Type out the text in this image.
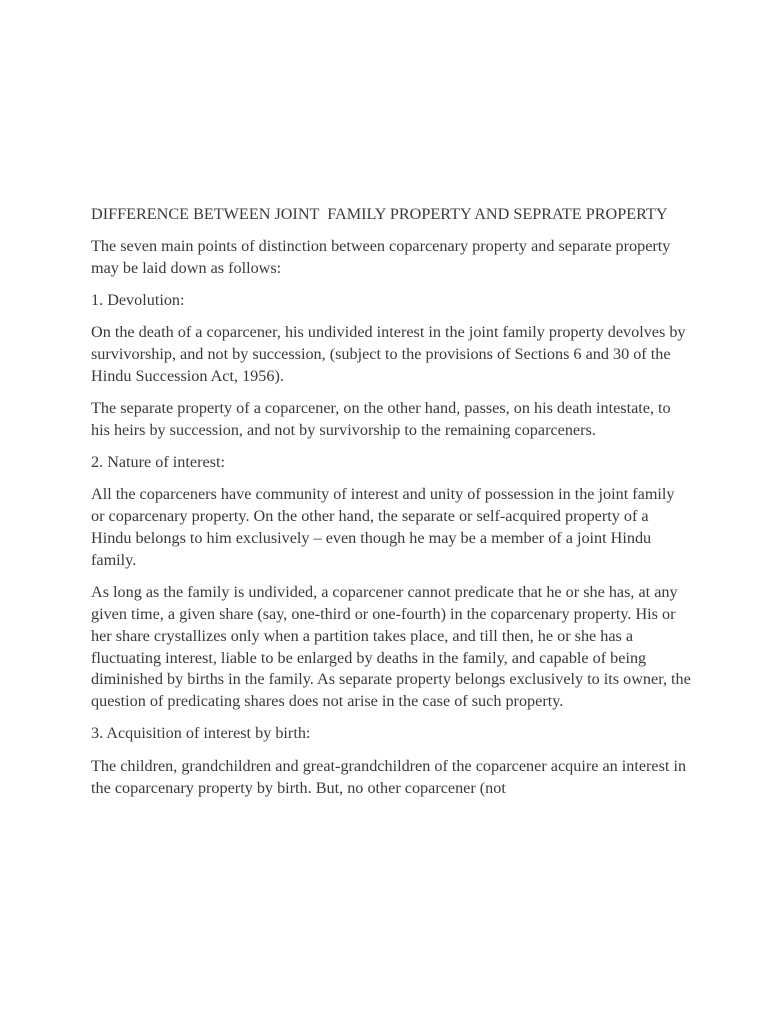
DIFFERENCE BETWEEN JOINT  FAMILY PROPERTY AND SEPRATE PROPERTY

The seven main points of distinction between coparcenary property and separate property may be laid down as follows:

1. Devolution:

On the death of a coparcener, his undivided interest in the joint family property devolves by survivorship, and not by succession, (subject to the provisions of Sections 6 and 30 of the Hindu Succession Act, 1956).

The separate property of a coparcener, on the other hand, passes, on his death intestate, to his heirs by succession, and not by survivorship to the remaining coparceners.

2. Nature of interest:

All the coparceners have community of interest and unity of possession in the joint family or coparcenary property. On the other hand, the separate or self-acquired property of a Hindu belongs to him exclusively – even though he may be a member of a joint Hindu family.

As long as the family is undivided, a coparcener cannot predicate that he or she has, at any given time, a given share (say, one-third or one-fourth) in the coparcenary property. His or her share crystallizes only when a partition takes place, and till then, he or she has a fluctuating interest, liable to be enlarged by deaths in the family, and capable of being diminished by births in the family. As separate property belongs exclusively to its owner, the question of predicating shares does not arise in the case of such property.

3. Acquisition of interest by birth:

The children, grandchildren and great-grandchildren of the coparcener acquire an interest in the coparcenary property by birth. But, no other coparcener (not
